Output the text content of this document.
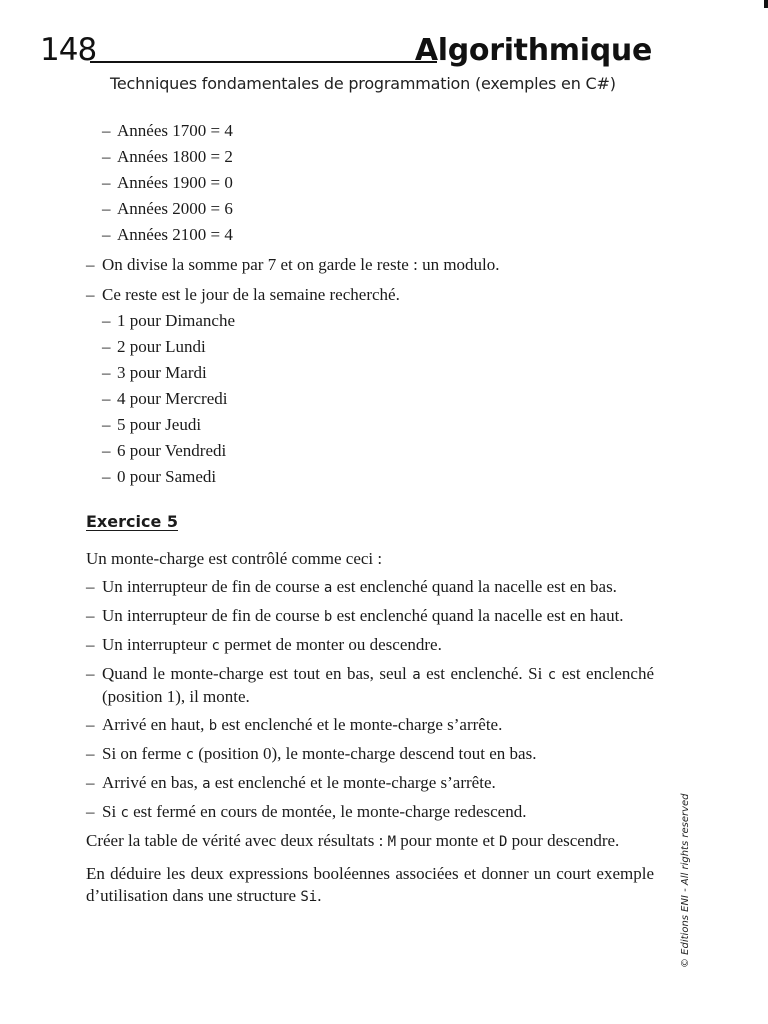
148	Algorithmique
Techniques fondamentales de programmation (exemples en C#)
– Années 1700 = 4
– Années 1800 = 2
– Années 1900 = 0
– Années 2000 = 6
– Années 2100 = 4
– On divise la somme par 7 et on garde le reste : un modulo.
– Ce reste est le jour de la semaine recherché.
– 1 pour Dimanche
– 2 pour Lundi
– 3 pour Mardi
– 4 pour Mercredi
– 5 pour Jeudi
– 6 pour Vendredi
– 0 pour Samedi
Exercice 5

Un monte-charge est contrôlé comme ceci :

– Un interrupteur de fin de course a est enclenché quand la nacelle est en bas.
– Un interrupteur de fin de course b est enclenché quand la nacelle est en haut.
– Un interrupteur c permet de monter ou descendre.
– Quand le monte-charge est tout en bas, seul a est enclenché. Si c est enclenché (position 1), il monte.
– Arrivé en haut, b est enclenché et le monte-charge s’arrête.
– Si on ferme c (position 0), le monte-charge descend tout en bas.
– Arrivé en bas, a est enclenché et le monte-charge s’arrête.
– Si c est fermé en cours de montée, le monte-charge redescend.

Créer la table de vérité avec deux résultats : M pour monte et D pour descendre.

En déduire les deux expressions booléennes associées et donner un court exemple d’utilisation dans une structure Si.	© Editions ENI - All rights reserved
